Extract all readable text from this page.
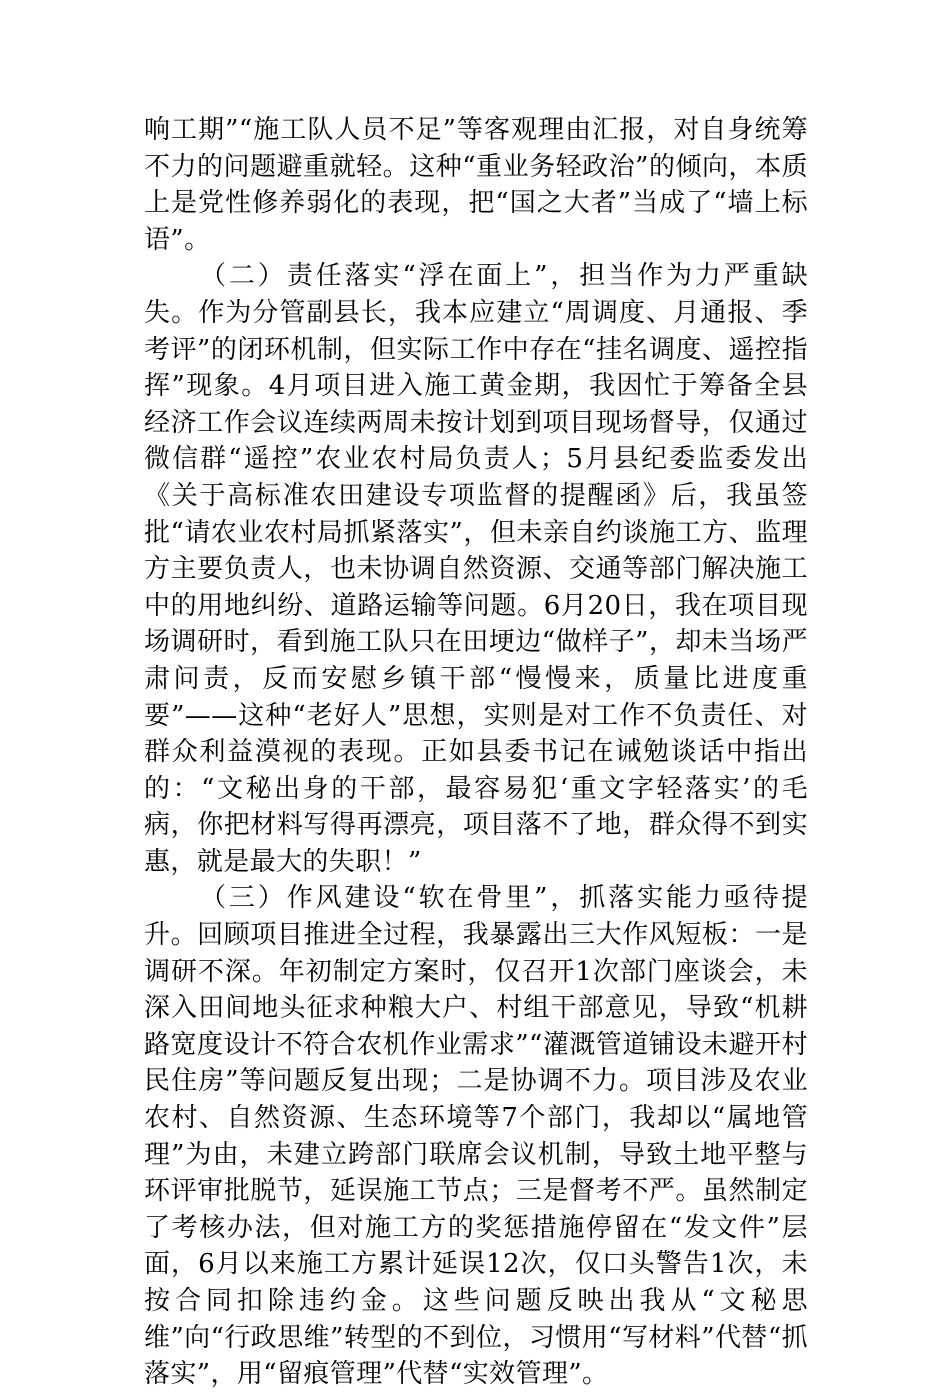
响工期”“施工队人员不足”等客观理由汇报，对自身统筹不力的问题避重就轻。这种“重业务轻政治”的倾向，本质上是党性修养弱化的表现，把“国之大者”当成了“墙上标语”。

（二）责任落实“浮在面上”，担当作为力严重缺失。作为分管副县长，我本应建立“周调度、月通报、季考评”的闭环机制，但实际工作中存在“挂名调度、遥控指挥”现象。4月项目进入施工黄金期，我因忙于筹备全县经济工作会议连续两周未按计划到项目现场督导，仅通过微信群“遥控”农业农村局负责人；5月县纪委监委发出《关于高标准农田建设专项监督的提醒函》后，我虽签批“请农业农村局抓紧落实”，但未亲自约谈施工方、监理方主要负责人，也未协调自然资源、交通等部门解决施工中的用地纠纷、道路运输等问题。6月20日，我在项目现场调研时，看到施工队只在田埂边“做样子”，却未当场严肃问责，反而安慰乡镇干部“慢慢来，质量比进度重要”——这种“老好人”思想，实则是对工作不负责任、对群众利益漠视的表现。正如县委书记在诫勉谈话中指出的：“文秘出身的干部，最容易犯‘重文字轻落实’的毛病，你把材料写得再漂亮，项目落不了地，群众得不到实惠，就是最大的失职！”

（三）作风建设“软在骨里”，抓落实能力亟待提升。回顾项目推进全过程，我暴露出三大作风短板：一是调研不深。年初制定方案时，仅召开1次部门座谈会，未深入田间地头征求种粮大户、村组干部意见，导致“机耕路宽度设计不符合农机作业需求”“灌溉管道铺设未避开村民住房”等问题反复出现；二是协调不力。项目涉及农业农村、自然资源、生态环境等7个部门，我却以“属地管理”为由，未建立跨部门联席会议机制，导致土地平整与环评审批脱节，延误施工节点；三是督考不严。虽然制定了考核办法，但对施工方的奖惩措施停留在“发文件”层面，6月以来施工方累计延误12次，仅口头警告1次，未按合同扣除违约金。这些问题反映出我从“文秘思维”向“行政思维”转型的不到位，习惯用“写材料”代替“抓落实”，用“留痕管理”代替“实效管理”。
